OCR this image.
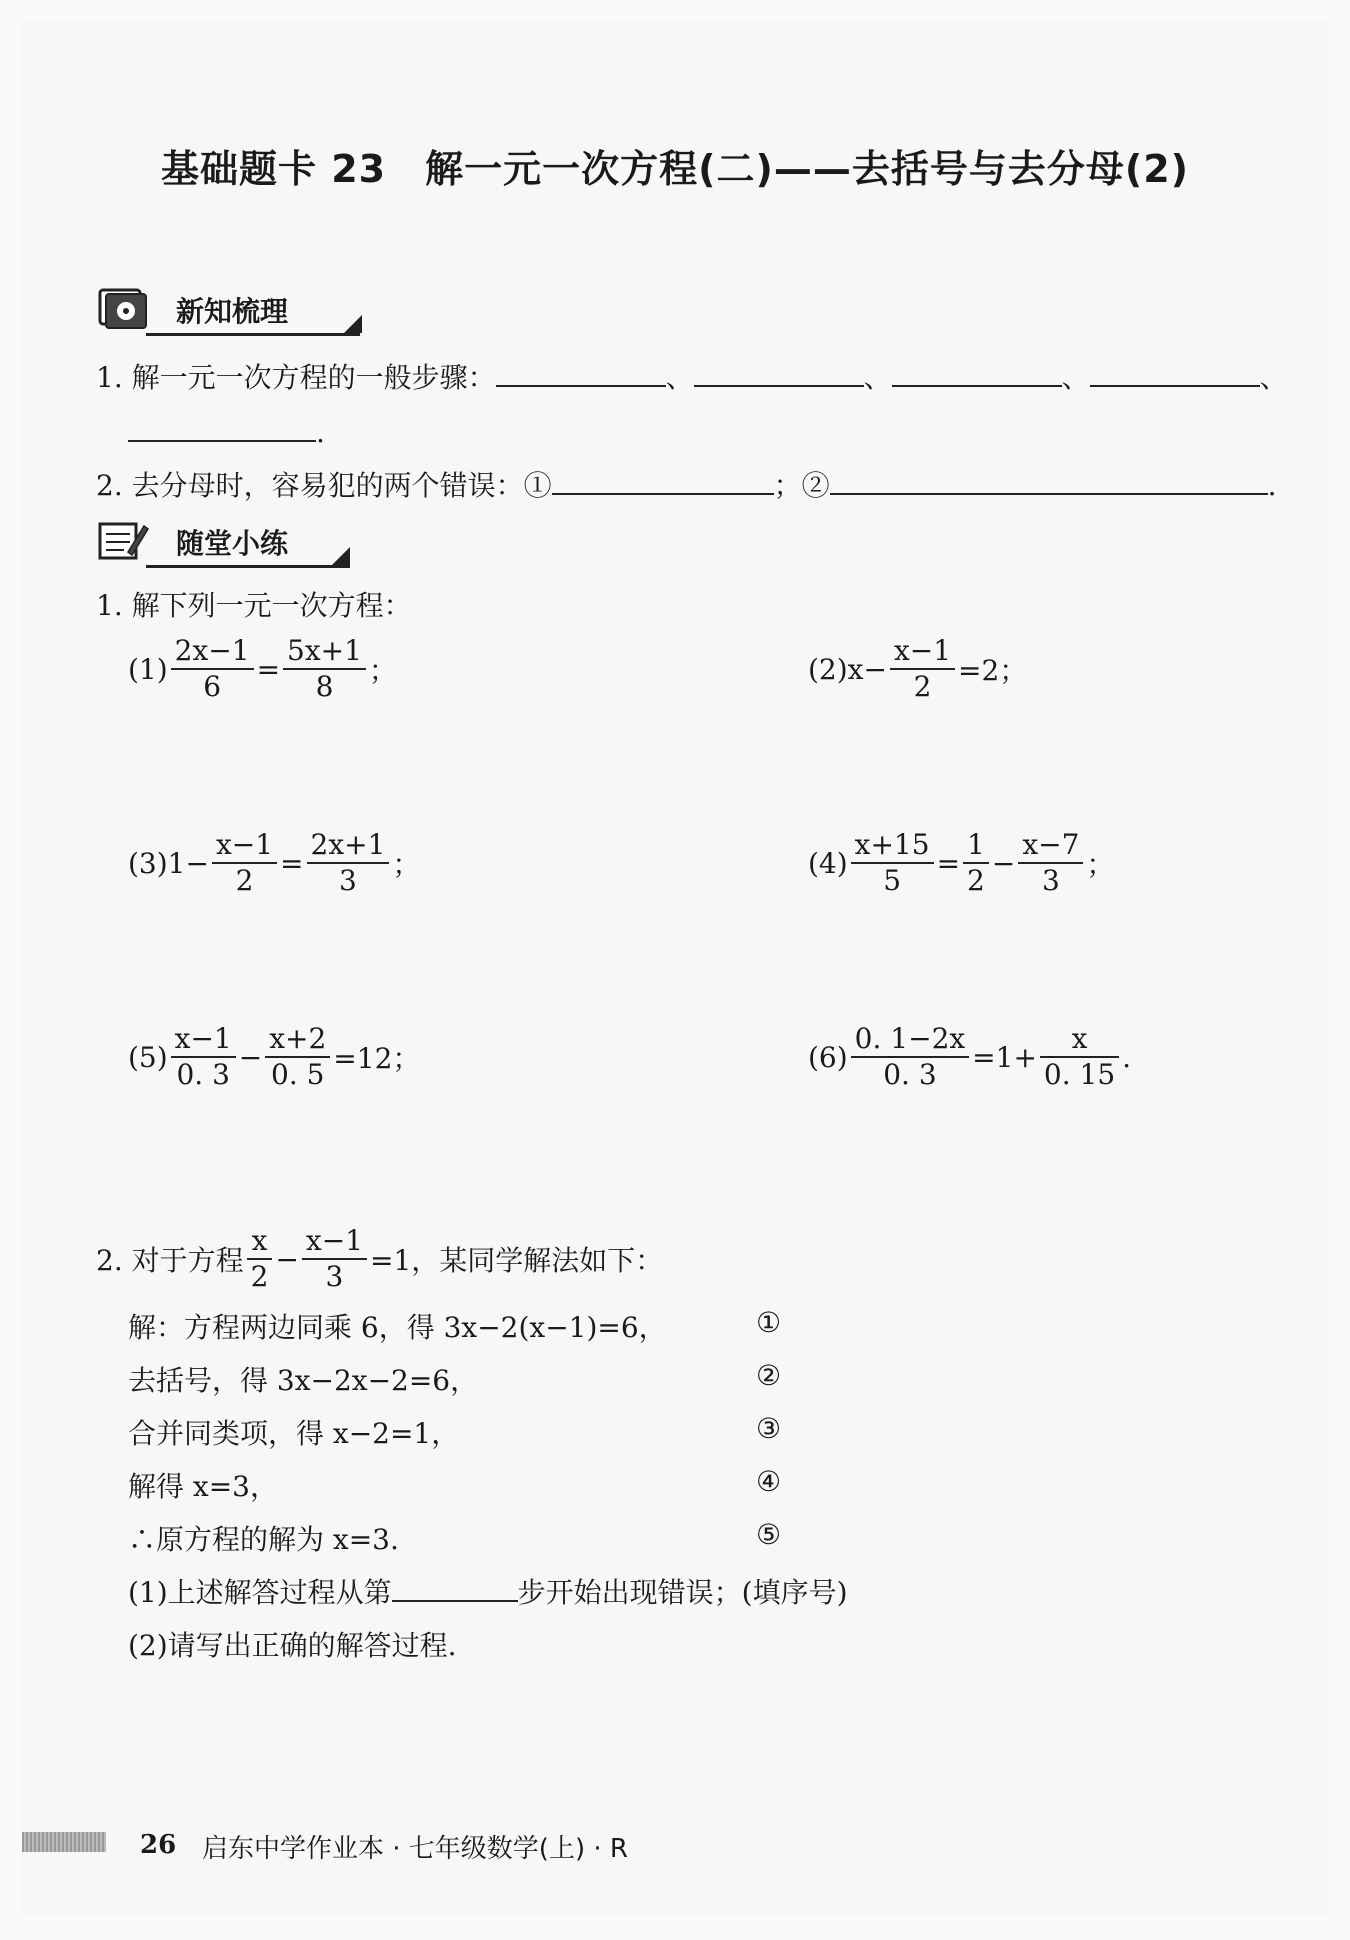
基础题卡 23　解一元一次方程(二)——去括号与去分母(2)
新知梳理
1. 解一元一次方程的一般步骤：	、	、	、	、
.
2. 去分母时，容易犯的两个错误：①	；②	.
随堂小练
1. 解下列一元一次方程：
$(1) \frac{2x-1}{6} = \frac{5x+1}{8}$ ；	(2) $x- \frac{x-1}{2} =2$；
(3) $1- \frac{x-1}{2} = \frac{2x+1}{3}$ ；	$(4) \frac{x+15}{5} = \frac{1}{2} - \frac{x-7}{3}$ ；
$(5) \frac{x-1}{0. 3} - \frac{x+2}{0. 5} =12$；	$(6) \frac{0. 1-2x}{0. 3} =1+ \frac{x}{0. 15}$ .
2. 对于方程 $\frac{x}{2} - \frac{x-1}{3} =1$，某同学解法如下：
解：方程两边同乘 6，得 3x−2(x−1)=6，	①
去括号，得 3x−2x−2=6，	②
合并同类项，得 x−2=1，	③
解得 x=3，	④
∴原方程的解为 x=3.	⑤
(1)上述解答过程从第	步开始出现错误；(填序号)
(2)请写出正确的解答过程.
26 启东中学作业本 · 七年级数学(上) · R
